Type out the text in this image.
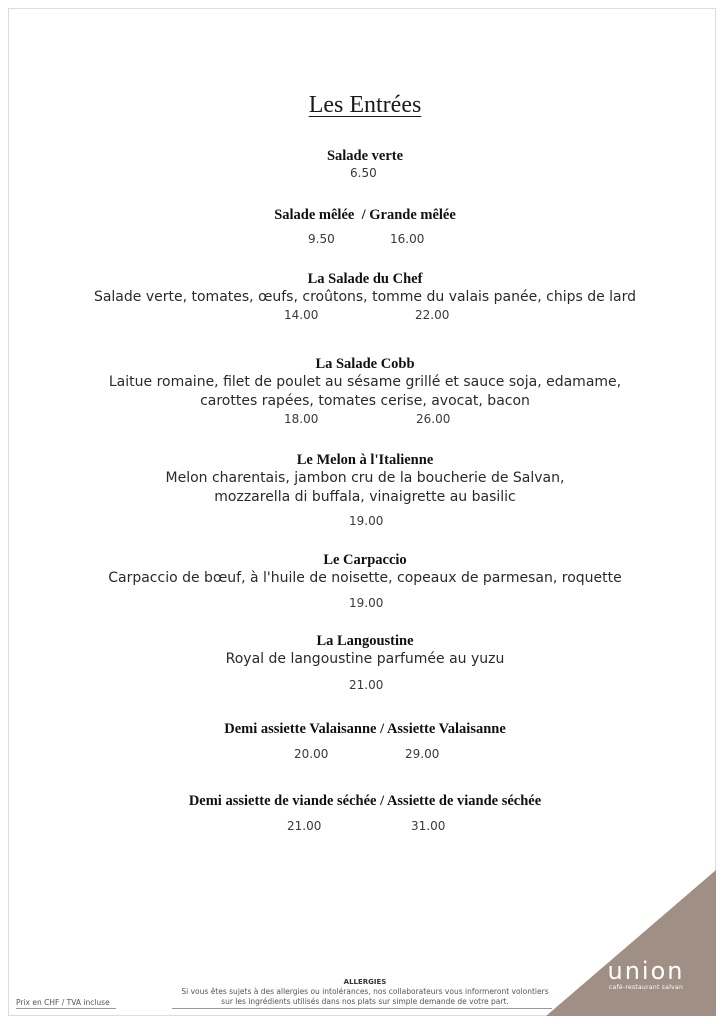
Les Entrées
Salade verte
6.50
Salade mêlée  / Grande mêlée
9.50	16.00
La Salade du Chef
Salade verte, tomates, œufs, croûtons, tomme du valais panée, chips de lard
14.00	22.00
La Salade Cobb
Laitue romaine, filet de poulet au sésame grillé et sauce soja, edamame,
carottes rapées, tomates cerise, avocat, bacon
18.00	26.00
Le Melon à l'Italienne
Melon charentais, jambon cru de la boucherie de Salvan,
mozzarella di buffala, vinaigrette au basilic
19.00
Le Carpaccio
Carpaccio de bœuf, à l'huile de noisette, copeaux de parmesan, roquette
19.00
La Langoustine
Royal de langoustine parfumée au yuzu
21.00
Demi assiette Valaisanne / Assiette Valaisanne
20.00	29.00
Demi assiette de viande séchée / Assiette de viande séchée
21.00	31.00
union
café-restaurant salvan
ALLERGIES
Si vous êtes sujets à des allergies ou intolérances, nos collaborateurs vous informeront volontiers
sur les ingrédients utilisés dans nos plats sur simple demande de votre part.
Prix en CHF / TVA incluse
